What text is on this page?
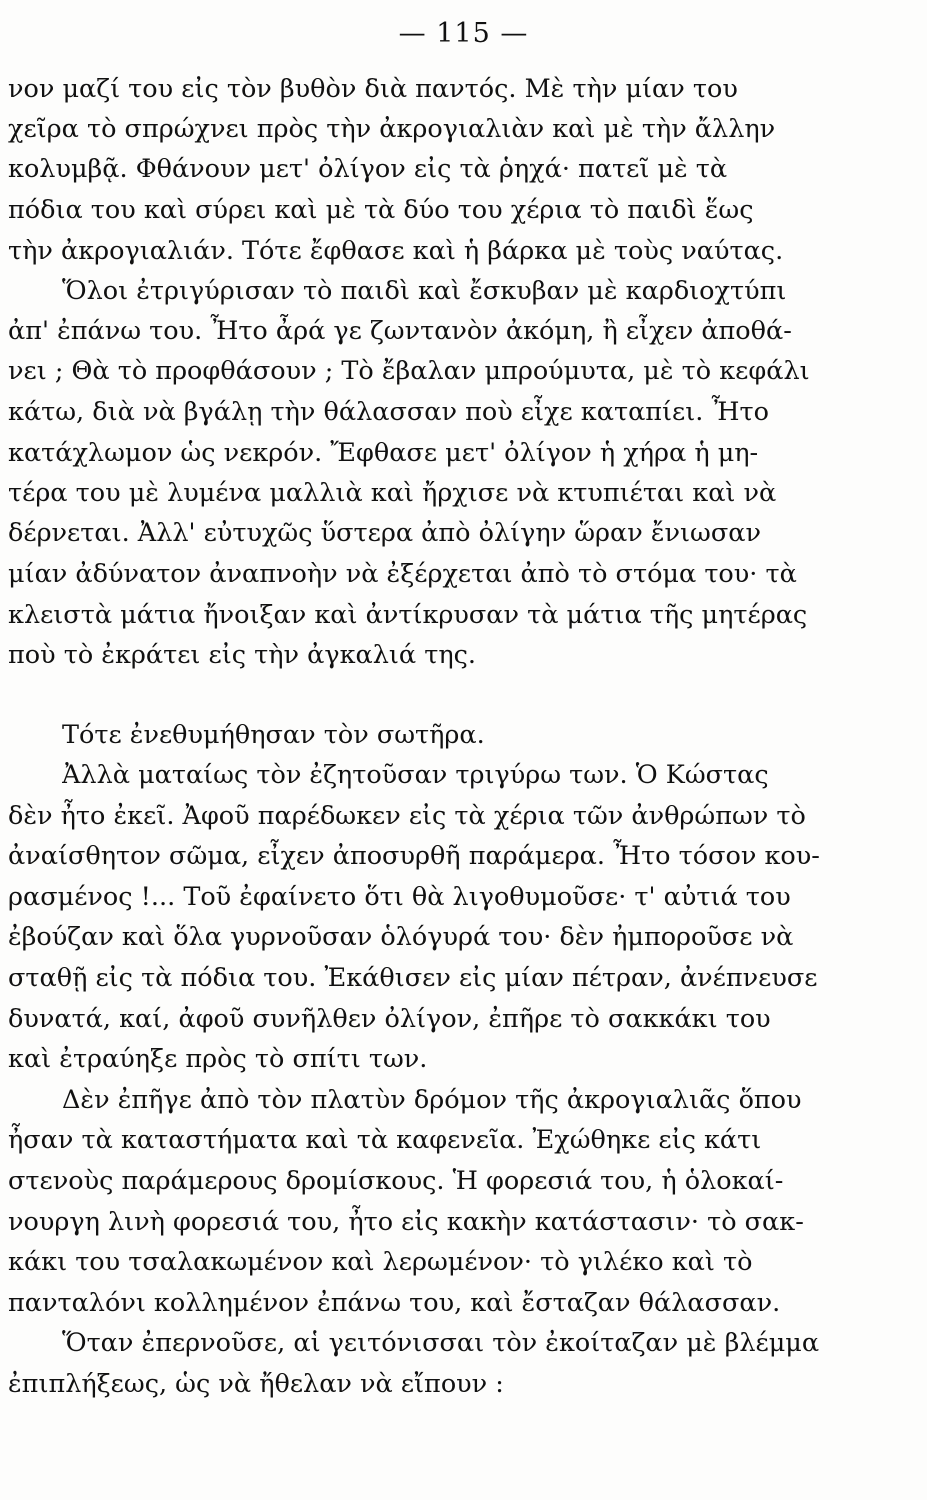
— 115 —
νον μαζί του εἰς τὸν βυθὸν διὰ παντός. Μὲ τὴν μίαν του
χεῖρα τὸ σπρώχνει πρὸς τὴν ἀκρογιαλιὰν καὶ μὲ τὴν ἄλλην
κολυμβᾷ. Φθάνουν μετ' ὀλίγον εἰς τὰ ῥηχά· πατεῖ μὲ τὰ
πόδια του καὶ σύρει καὶ μὲ τὰ δύο του χέρια τὸ παιδὶ ἕως
τὴν ἀκρογιαλιάν. Τότε ἔφθασε καὶ ἡ βάρκα μὲ τοὺς ναύτας.
Ὅλοι ἐτριγύρισαν τὸ παιδὶ καὶ ἔσκυβαν μὲ καρδιοχτύπι
ἀπ' ἐπάνω του. Ἦτο ἆρά γε ζωντανὸν ἀκόμη, ἢ εἶχεν ἀποθά-
νει ; Θὰ τὸ προφθάσουν ; Τὸ ἔβαλαν μπρούμυτα, μὲ τὸ κεφάλι
κάτω, διὰ νὰ βγάλῃ τὴν θάλασσαν ποὺ εἶχε καταπίει. Ἦτο
κατάχλωμον ὡς νεκρόν. Ἔφθασε μετ' ὀλίγον ἡ χήρα ἡ μη-
τέρα του μὲ λυμένα μαλλιὰ καὶ ἤρχισε νὰ κτυπιέται καὶ νὰ
δέρνεται. Ἀλλ' εὐτυχῶς ὕστερα ἀπὸ ὀλίγην ὥραν ἔνιωσαν
μίαν ἀδύνατον ἀναπνοὴν νὰ ἐξέρχεται ἀπὸ τὸ στόμα του· τὰ
κλειστὰ μάτια ἤνοιξαν καὶ ἀντίκρυσαν τὰ μάτια τῆς μητέρας
ποὺ τὸ ἐκράτει εἰς τὴν ἀγκαλιά της.
Τότε ἐνεθυμήθησαν τὸν σωτῆρα.
Ἀλλὰ ματαίως τὸν ἐζητοῦσαν τριγύρω των. Ὁ Κώστας
δὲν ἦτο ἐκεῖ. Ἀφοῦ παρέδωκεν εἰς τὰ χέρια τῶν ἀνθρώπων τὸ
ἀναίσθητον σῶμα, εἶχεν ἀποσυρθῆ παράμερα. Ἦτο τόσον κου-
ρασμένος !... Τοῦ ἐφαίνετο ὅτι θὰ λιγοθυμοῦσε· τ' αὐτιά του
ἐβούζαν καὶ ὅλα γυρνοῦσαν ὁλόγυρά του· δὲν ἠμποροῦσε νὰ
σταθῇ εἰς τὰ πόδια του. Ἐκάθισεν εἰς μίαν πέτραν, ἀνέπνευσε
δυνατά, καί, ἀφοῦ συνῆλθεν ὀλίγον, ἐπῆρε τὸ σακκάκι του
καὶ ἐτραύηξε πρὸς τὸ σπίτι των.
Δὲν ἐπῆγε ἀπὸ τὸν πλατὺν δρόμον τῆς ἀκρογιαλιᾶς ὅπου
ἦσαν τὰ καταστήματα καὶ τὰ καφενεῖα. Ἐχώθηκε εἰς κάτι
στενοὺς παράμερους δρομίσκους. Ἡ φορεσιά του, ἡ ὁλοκαί-
νουργη λινὴ φορεσιά του, ἦτο εἰς κακὴν κατάστασιν· τὸ σακ-
κάκι του τσαλακωμένον καὶ λερωμένον· τὸ γιλέκο καὶ τὸ
πανταλόνι κολλημένον ἐπάνω του, καὶ ἔσταζαν θάλασσαν.
Ὅταν ἐπερνοῦσε, αἱ γειτόνισσαι τὸν ἐκοίταζαν μὲ βλέμμα
ἐπιπλήξεως, ὡς νὰ ἤθελαν νὰ εἴπουν :
